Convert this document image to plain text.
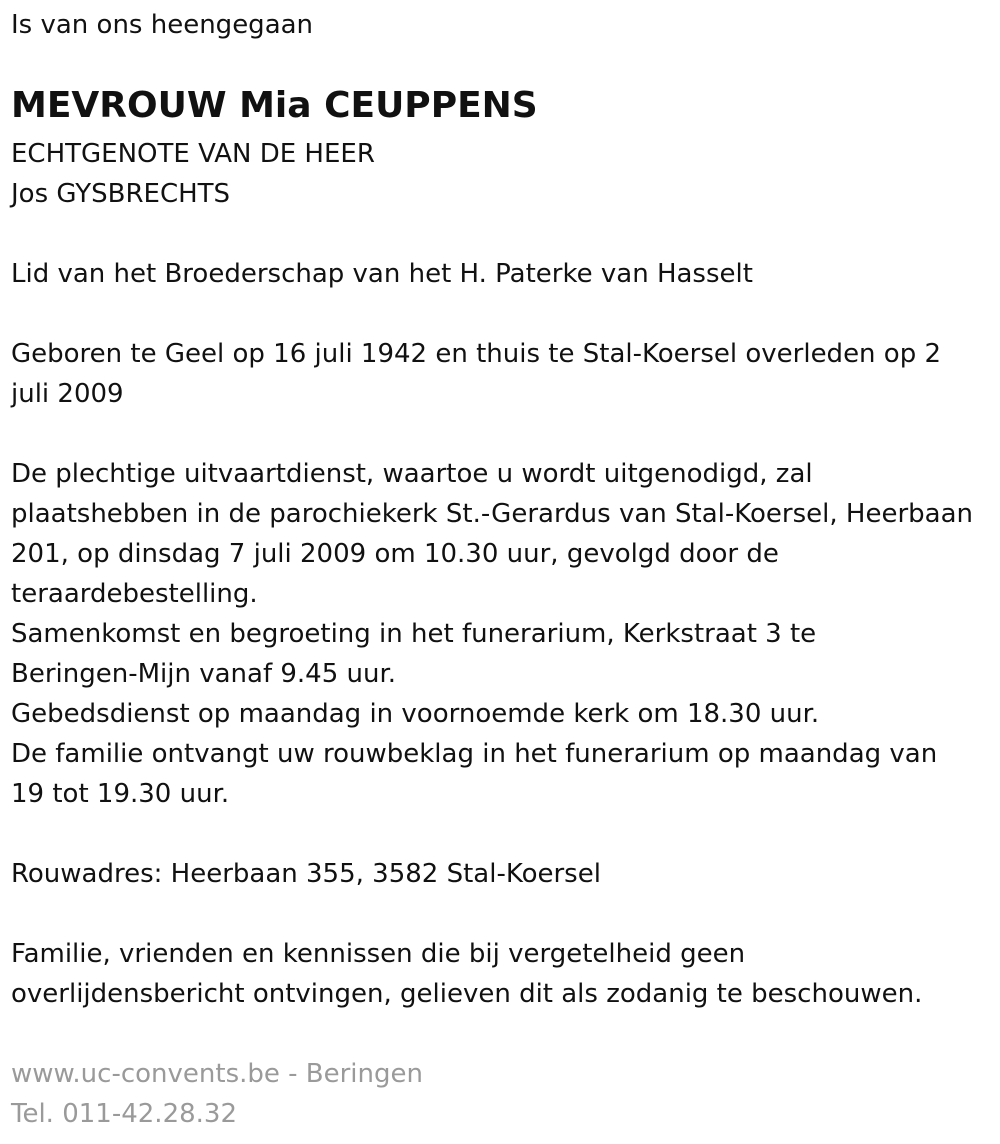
Is van ons heengegaan

MEVROUW Mia CEUPPENS

ECHTGENOTE VAN DE HEER

Jos GYSBRECHTS

Lid van het Broederschap van het H. Paterke van Hasselt

Geboren te Geel op 16 juli 1942 en thuis te Stal-Koersel overleden op 2

juli 2009

De plechtige uitvaartdienst, waartoe u wordt uitgenodigd, zal

plaatshebben in de parochiekerk St.-Gerardus van Stal-Koersel, Heerbaan

201, op dinsdag 7 juli 2009 om 10.30 uur, gevolgd door de

teraardebestelling.

Samenkomst en begroeting in het funerarium, Kerkstraat 3 te

Beringen-Mijn vanaf 9.45 uur.

Gebedsdienst op maandag in voornoemde kerk om 18.30 uur.

De familie ontvangt uw rouwbeklag in het funerarium op maandag van

19 tot 19.30 uur.

Rouwadres: Heerbaan 355, 3582 Stal-Koersel

Familie, vrienden en kennissen die bij vergetelheid geen

overlijdensbericht ontvingen, gelieven dit als zodanig te beschouwen.

www.uc-convents.be - Beringen

Tel. 011-42.28.32
